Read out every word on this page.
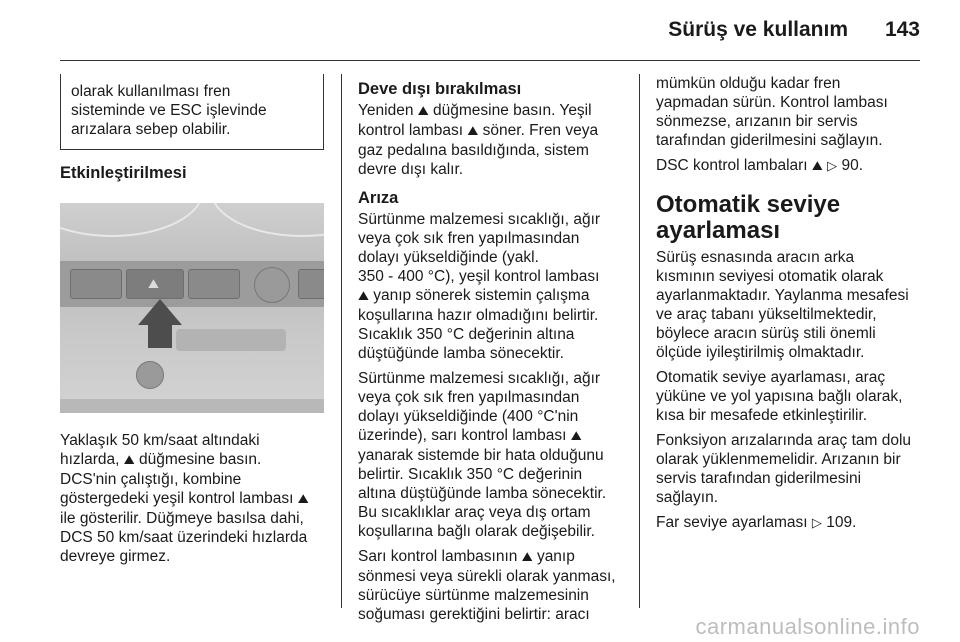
Sürüş ve kullanım 143

olarak kullanılması fren

sisteminde ve ESC işlevinde

arızalara sebep olabilir.

Etkinleştirilmesi
⛰

Yaklaşık 50 km/saat altındaki
hızlarda, ⛰ düğmesine basın.
DCS'nin çalıştığı, kombine
göstergedeki yeşil kontrol lambası ⛰
ile gösterilir. Düğmeye basılsa dahi,
DCS 50 km/saat üzerindeki hızlarda
devreye girmez.

Deve dışı bırakılması

Yeniden ⛰ düğmesine basın. Yeşil
kontrol lambası ⛰ söner. Fren veya
gaz pedalına basıldığında, sistem
devre dışı kalır.

Arıza

Sürtünme malzemesi sıcaklığı, ağır
veya çok sık fren yapılmasından
dolayı yükseldiğinde (yakl.
350 - 400 °C), yeşil kontrol lambası
⛰ yanıp sönerek sistemin çalışma
koşullarına hazır olmadığını belirtir.
Sıcaklık 350 °C değerinin altına
düştüğünde lamba sönecektir.

Sürtünme malzemesi sıcaklığı, ağır
veya çok sık fren yapılmasından
dolayı yükseldiğinde (400 °C'nin
üzerinde), sarı kontrol lambası ⛰
yanarak sistemde bir hata olduğunu
belirtir. Sıcaklık 350 °C değerinin
altına düştüğünde lamba sönecektir.
Bu sıcaklıklar araç veya dış ortam
koşullarına bağlı olarak değişebilir.

Sarı kontrol lambasının ⛰ yanıp
sönmesi veya sürekli olarak yanması,
sürücüye sürtünme malzemesinin
soğuması gerektiğini belirtir: aracı

mümkün olduğu kadar fren
yapmadan sürün. Kontrol lambası
sönmezse, arızanın bir servis
tarafından giderilmesini sağlayın.

DSC kontrol lambaları ⛰ ▷ 90.

Otomatik seviye
ayarlaması

Sürüş esnasında aracın arka
kısmının seviyesi otomatik olarak
ayarlanmaktadır. Yaylanma mesafesi
ve araç tabanı yükseltilmektedir,
böylece aracın sürüş stili önemli
ölçüde iyileştirilmiş olmaktadır.

Otomatik seviye ayarlaması, araç
yüküne ve yol yapısına bağlı olarak,
kısa bir mesafede etkinleştirilir.

Fonksiyon arızalarında araç tam dolu
olarak yüklenmemelidir. Arızanın bir
servis tarafından giderilmesini
sağlayın.

Far seviye ayarlaması ▷ 109.

carmanualsonline.info
